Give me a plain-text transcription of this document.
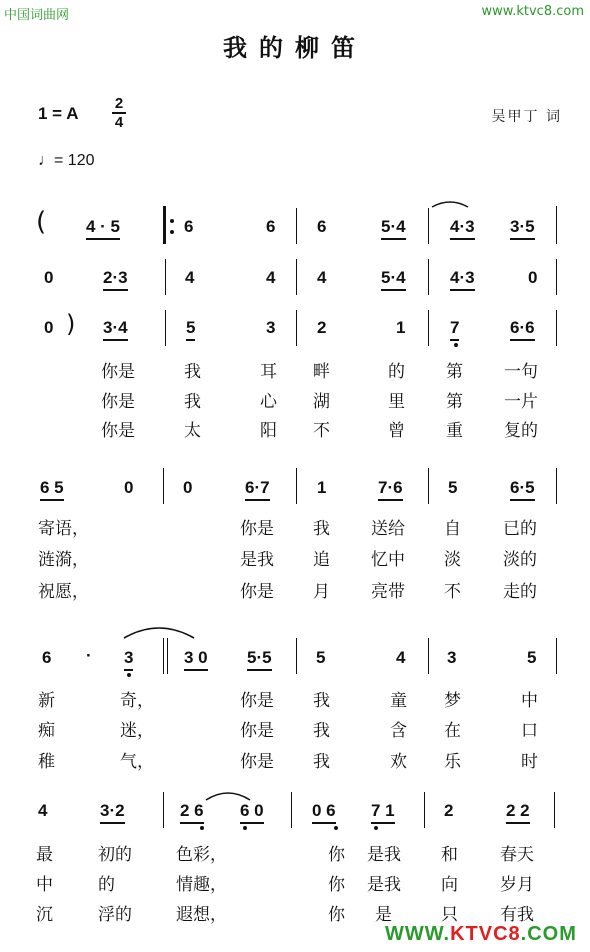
中国词曲网	www.ktvc8.com
我的柳笛
1 = A
2
4	吴甲丁 词
♩= 120
( 4 · 5	6	6 6	5·4	4·3 3·5
0	2·3	4	4 4	5·4	4·3	0
0 ) 3·4	5	3 2	1	7	6·6
你是	我	耳 畔	的 第 一句
你是	我	心 湖	里 第 一片
你是	太	阳 不	曾 重 复的
6 5	0	0	6·7	1	7·6	5	6·5
寄语，	你是 我 送给 自 已的
涟漪，	是我 追 忆中 淡 淡的
祝愿，	你是 月 亮带 不 走的
6 · 3	3 0 5·5	5	4 3	5
新	奇，	你是 我	童 梦	中
痴	迷，	你是 我	含 在	口
稚	气，	你是 我	欢 乐	时
4	3·2	2 6 6 0	0 6 7 1	2	2 2
最	初的	色彩，	你 是我 和 春天
中	的	情趣，	你 是我 向 岁月
沉	浮的	遐想，	你 是	只 有我
WWW.KTVC8.COM
